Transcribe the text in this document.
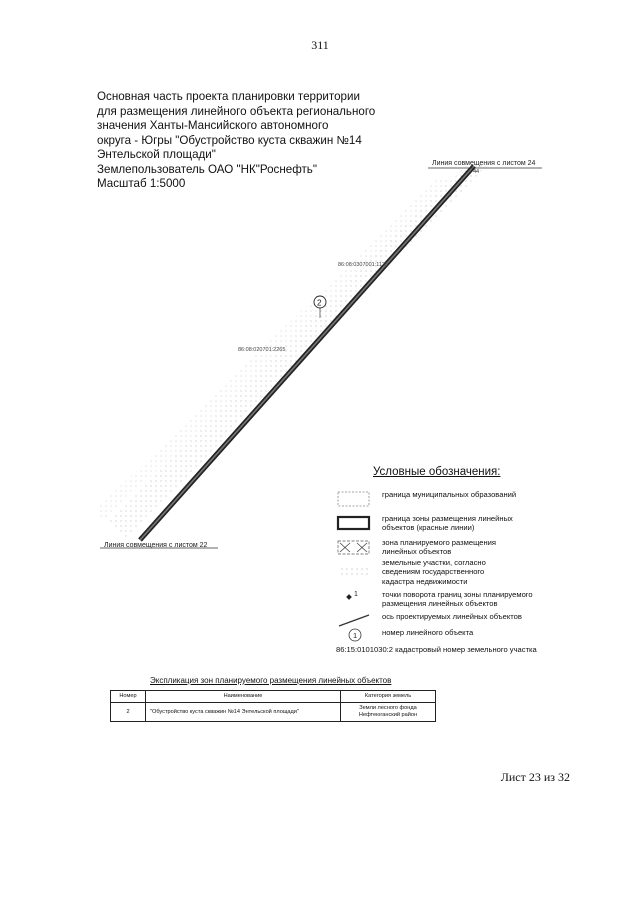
311
Основная часть проекта планировки территории
для размещения линейного объекта регионального
значения Ханты-Мансийского автономного
округа - Югры "Обустройство куста скважин №14
Энтельской площади"
Землепользователь ОАО "НК"Роснефть"
Масштаб 1:5000
Линия совмещения с листом 24
44
Линия совмещения с листом 22
86:08:0307001:1125
86:08:020701:2265
2
Условные обозначения:
граница муниципальных образований
граница зоны размещения линейных
объектов (красные линии)
зона планируемого размещения
линейных объектов
земельные участки, согласно
сведениям государственного
кадастра недвижимости
1	точки поворота границ зоны планируемого
размещения линейных объектов
ось проектируемых линейных объектов
1	номер линейного объекта
86:15:0101030:2 кадастровый номер земельного участка
Экспликация зон планируемого размещения линейных объектов
Номер	Наименование	Категория земель
2	"Обустройство куста скважин №14 Энтельской площади"	Земли лесного фонда
Нефтеюганский район
Лист 23 из 32
